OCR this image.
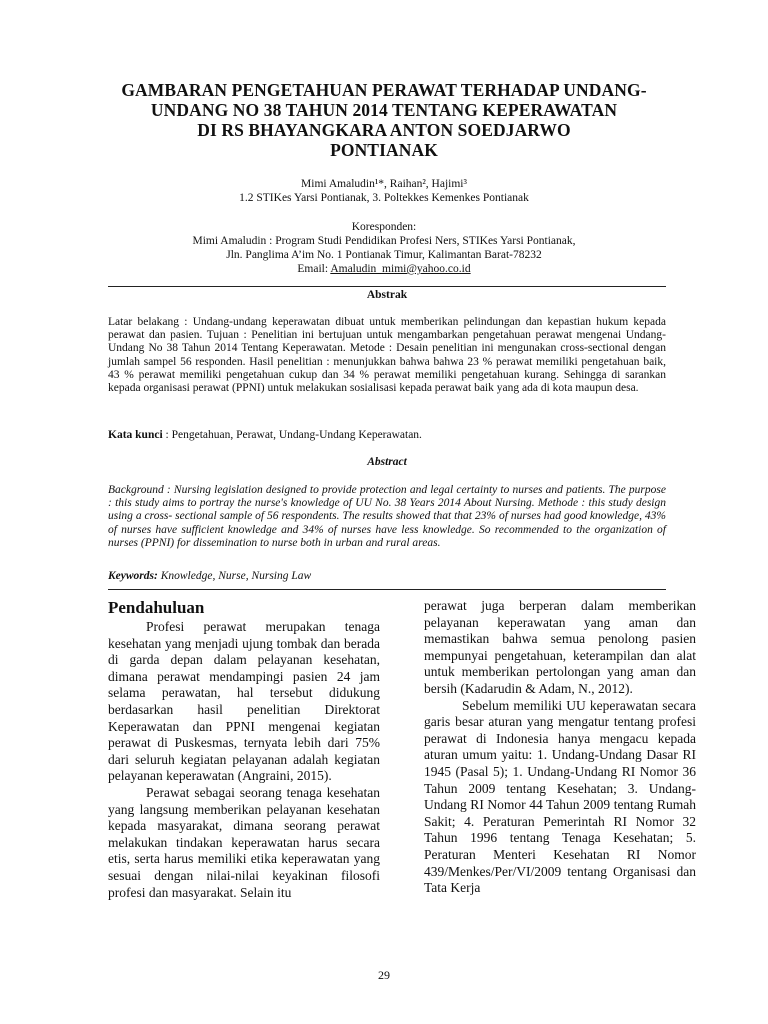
GAMBARAN PENGETAHUAN PERAWAT TERHADAP UNDANG-
UNDANG NO 38 TAHUN 2014 TENTANG KEPERAWATAN
DI RS BHAYANGKARA ANTON SOEDJARWO
PONTIANAK
Mimi Amaludin¹*, Raihan², Hajimi³
1.2 STIKes Yarsi Pontianak, 3. Poltekkes Kemenkes Pontianak
Koresponden:
Mimi Amaludin : Program Studi Pendidikan Profesi Ners, STIKes Yarsi Pontianak,
Jln. Panglima A’im No. 1 Pontianak Timur, Kalimantan Barat-78232
Email: Amaludin_mimi@yahoo.co.id
Abstrak
Latar belakang : Undang-undang keperawatan dibuat untuk memberikan pelindungan dan kepastian hukum kepada perawat dan pasien. Tujuan : Penelitian ini bertujuan untuk mengambarkan pengetahuan perawat mengenai Undang-Undang No 38 Tahun 2014 Tentang Keperawatan. Metode : Desain penelitian ini mengunakan cross-sectional dengan jumlah sampel 56 responden. Hasil penelitian : menunjukkan bahwa bahwa 23 % perawat memiliki pengetahuan baik, 43 % perawat memiliki pengetahuan cukup dan 34 % perawat memiliki pengetahuan kurang. Sehingga di sarankan kepada organisasi perawat (PPNI) untuk melakukan sosialisasi kepada perawat baik yang ada di kota maupun desa.
Kata kunci : Pengetahuan, Perawat, Undang-Undang Keperawatan.
Abstract
Background : Nursing legislation designed to provide protection and legal certainty to nurses and patients. The purpose : this study aims to portray the nurse's knowledge of UU No. 38 Years 2014 About Nursing. Methode : this study design using a cross- sectional sample of 56 respondents. The results showed that that 23% of nurses had good knowledge, 43% of nurses have sufficient knowledge and 34% of nurses have less knowledge. So recommended to the organization of nurses (PPNI) for dissemination to nurse both in urban and rural areas.
Keywords: Knowledge, Nurse, Nursing Law
Pendahuluan

Profesi perawat merupakan tenaga kesehatan yang menjadi ujung tombak dan berada di garda depan dalam pelayanan kesehatan, dimana perawat mendampingi pasien 24 jam selama perawatan, hal tersebut didukung berdasarkan hasil penelitian Direktorat Keperawatan dan PPNI mengenai kegiatan perawat di Puskesmas, ternyata lebih dari 75% dari seluruh kegiatan pelayanan adalah kegiatan pelayanan keperawatan (Angraini, 2015).

Perawat sebagai seorang tenaga kesehatan yang langsung memberikan pelayanan kesehatan kepada masyarakat, dimana seorang perawat melakukan tindakan keperawatan harus secara etis, serta harus memiliki etika keperawatan yang sesuai dengan nilai-nilai keyakinan filosofi profesi dan masyarakat. Selain itu

perawat juga berperan dalam memberikan pelayanan keperawatan yang aman dan memastikan bahwa semua penolong pasien mempunyai pengetahuan, keterampilan dan alat untuk memberikan pertolongan yang aman dan bersih (Kadarudin & Adam, N., 2012).

Sebelum memiliki UU keperawatan secara garis besar aturan yang mengatur tentang profesi perawat di Indonesia hanya mengacu kepada aturan umum yaitu: 1. Undang-Undang Dasar RI 1945 (Pasal 5); 1. Undang-Undang RI Nomor 36 Tahun 2009 tentang Kesehatan; 3. Undang-Undang RI Nomor 44 Tahun 2009 tentang Rumah Sakit; 4. Peraturan Pemerintah RI Nomor 32 Tahun 1996 tentang Tenaga Kesehatan; 5. Peraturan Menteri Kesehatan RI Nomor 439/Menkes/Per/VI/2009 tentang Organisasi dan Tata Kerja

29
